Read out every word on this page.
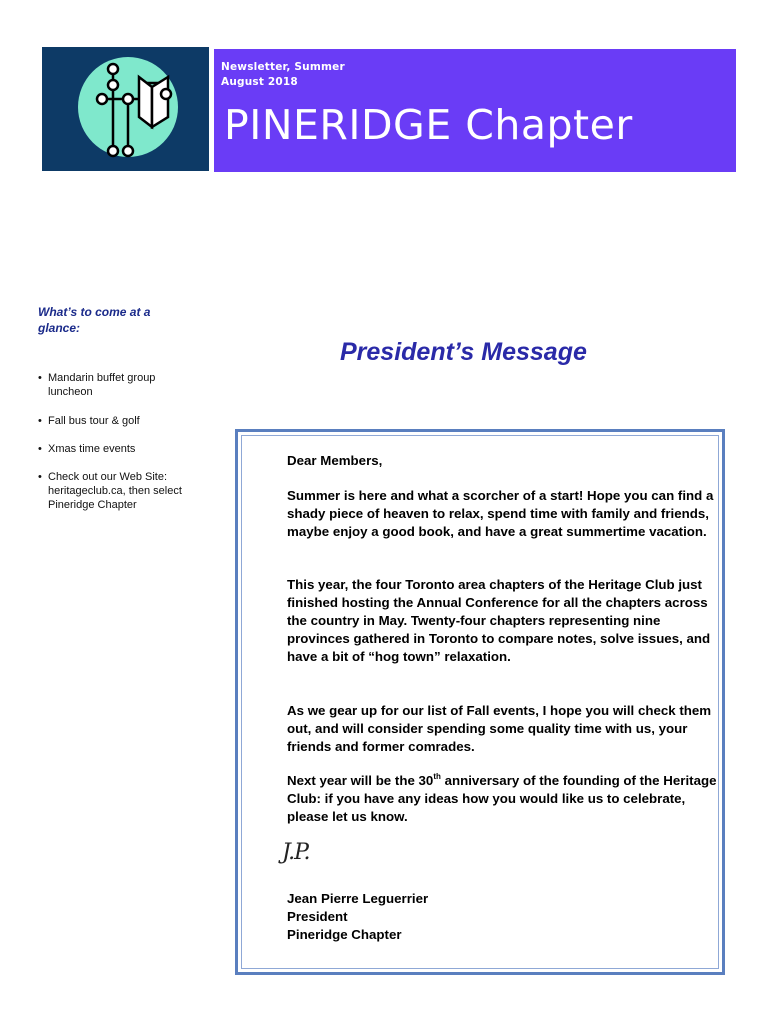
Newsletter, Summer
August 2018
PINERIDGE Chapter
What’s to come at a glance:
• Mandarin buffet group luncheon
• Fall bus tour & golf
• Xmas time events
• Check out our Web Site: heritageclub.ca, then select Pineridge Chapter
President’s Message

Dear Members,

Summer is here and what a scorcher of a start! Hope you can find a shady piece of heaven to relax, spend time with family and friends, maybe enjoy a good book, and have a great summertime vacation.

This year, the four Toronto area chapters of the Heritage Club just finished hosting the Annual Conference for all the chapters across the country in May. Twenty-four chapters representing nine provinces gathered in Toronto to compare notes, solve issues, and have a bit of “hog town” relaxation.

As we gear up for our list of Fall events, I hope you will check them out, and will consider spending some quality time with us, your friends and former comrades.

Next year will be the 30th anniversary of the founding of the Heritage Club: if you have any ideas how you would like us to celebrate, please let us know.

J.P.
Jean Pierre Leguerrier
President
Pineridge Chapter
